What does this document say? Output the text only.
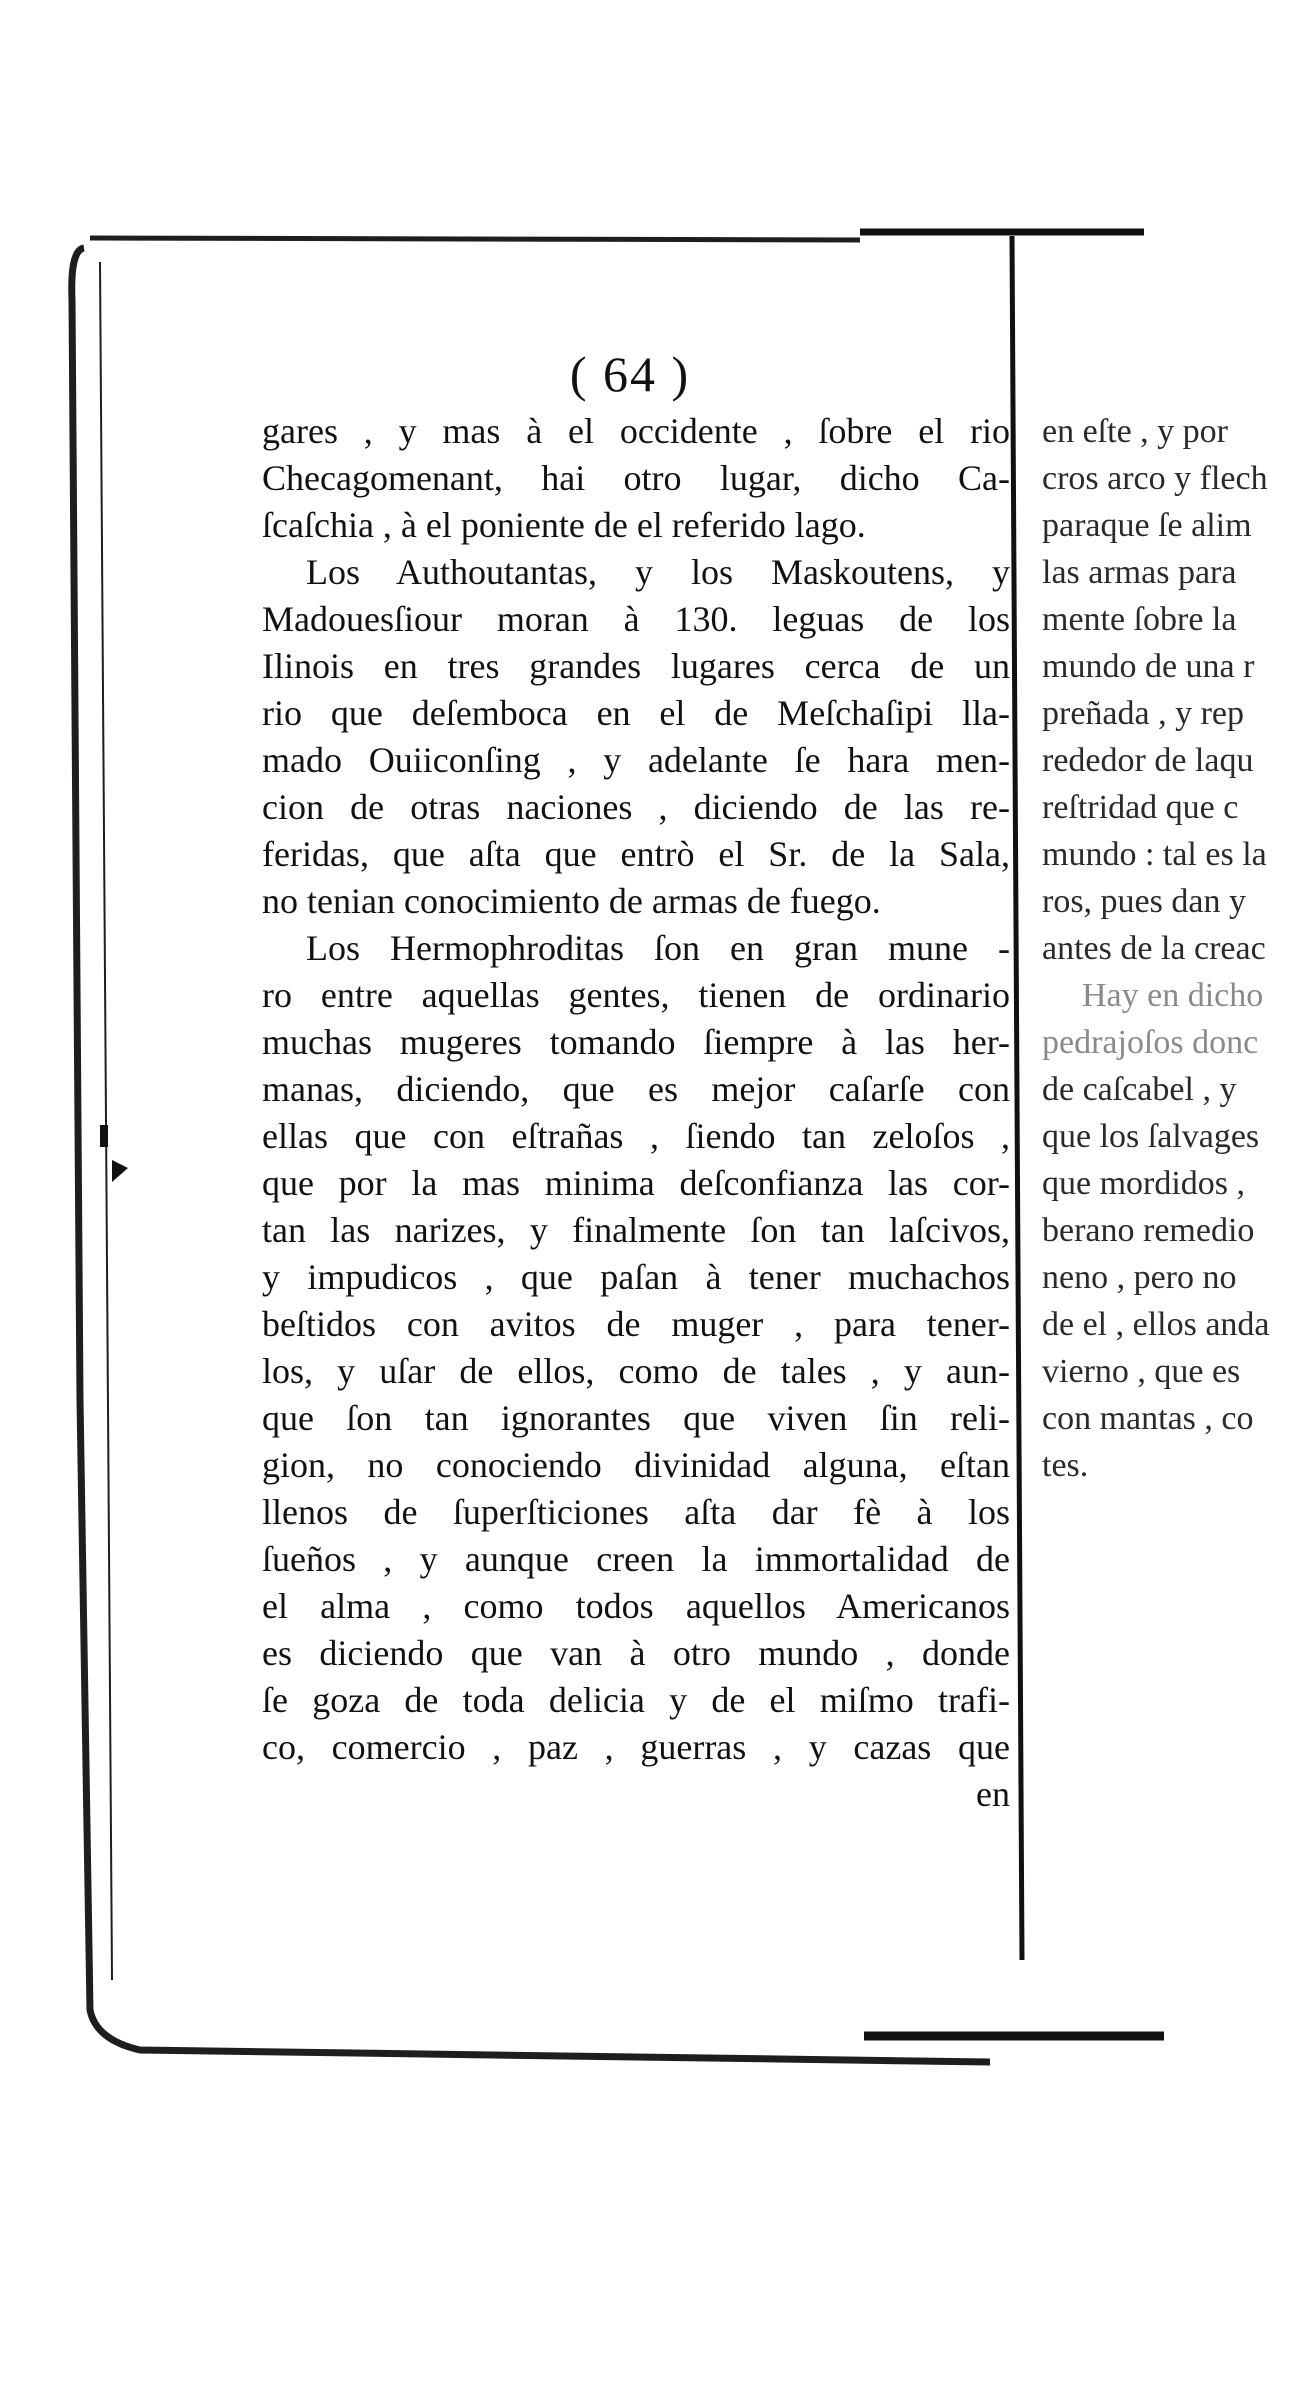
( 64 )
gares , y mas à el occidente , ſobre el rio
Checagomenant, hai otro lugar, dicho Ca-
ſcaſchia , à el poniente de el referido lago.
Los Authoutantas, y los Maskoutens, y
Madouesſiour moran à 130. leguas de los
Ilinois en tres grandes lugares cerca de un
rio que deſemboca en el de Meſchaſipi lla-
mado Ouiiconſing , y adelante ſe hara men-
cion de otras naciones , diciendo de las re-
feridas, que aſta que entrò el Sr. de la Sala,
no tenian conocimiento de armas de fuego.
Los Hermophroditas ſon en gran mune -
ro entre aquellas gentes, tienen de ordinario
muchas mugeres tomando ſiempre à las her-
manas, diciendo, que es mejor caſarſe con
ellas que con eſtrañas , ſiendo tan zeloſos ,
que por la mas minima deſconfianza las cor-
tan las narizes, y finalmente ſon tan laſcivos,
y impudicos , que paſan à tener muchachos
beſtidos con avitos de muger , para tener-
los, y uſar de ellos, como de tales , y aun-
que ſon tan ignorantes que viven ſin reli-
gion, no conociendo divinidad alguna, eſtan
llenos de ſuperſticiones aſta dar fè à los
ſueños , y aunque creen la immortalidad de
el alma , como todos aquellos Americanos
es diciendo que van à otro mundo , donde
ſe goza de toda delicia y de el miſmo trafi-
co, comercio , paz , guerras , y cazas que
en
en eſte , y por
cros arco y flech
paraque ſe alim
las armas para
mente ſobre la
mundo de una r
preñada , y rep
rededor de laqu
reſtridad que c
mundo : tal es la
ros, pues dan y
antes de la creac
Hay en dicho
pedrajoſos donc
de caſcabel , y
que los ſalvages
que mordidos ,
berano remedio
neno , pero no
de el , ellos anda
vierno , que es
con mantas , co
tes.
